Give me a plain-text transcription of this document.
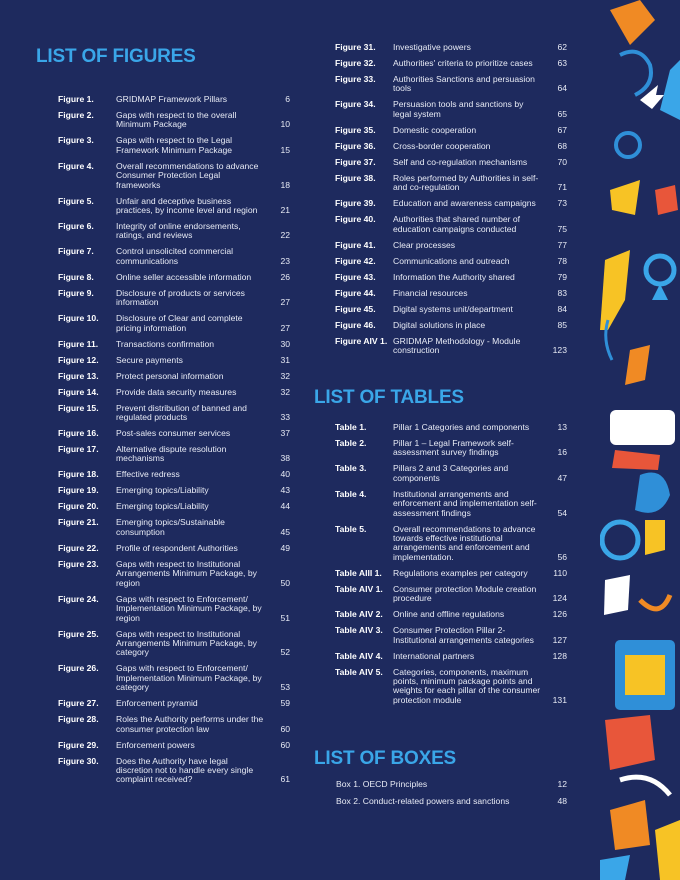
LIST OF FIGURES
Figure 1.	GRIDMAP Framework Pillars	6
Figure 2.	Gaps with respect to the overall Minimum Package	10
Figure 3.	Gaps with respect to the Legal Framework Minimum Package	15
Figure 4.	Overall recommendations to advance Consumer Protection Legal frameworks	18
Figure 5.	Unfair and deceptive business practices, by income level and region	21
Figure 6.	Integrity of online endorsements, ratings, and reviews	22
Figure 7.	Control unsolicited commercial communications	23
Figure 8.	Online seller accessible information	26
Figure 9.	Disclosure of products or services information	27
Figure 10.	Disclosure of Clear and complete pricing information	27
Figure 11.	Transactions confirmation	30
Figure 12.	Secure payments	31
Figure 13.	Protect personal information	32
Figure 14.	Provide data security measures	32
Figure 15.	Prevent distribution of banned and regulated products	33
Figure 16.	Post-sales consumer services	37
Figure 17.	Alternative dispute resolution mechanisms	38
Figure 18.	Effective redress	40
Figure 19.	Emerging topics/Liability	43
Figure 20.	Emerging topics/Liability	44
Figure 21.	Emerging topics/Sustainable consumption	45
Figure 22.	Profile of respondent Authorities	49
Figure 23.	Gaps with respect to Institutional Arrangements Minimum Package, by region	50
Figure 24.	Gaps with respect to Enforcement/ Implementation Minimum Package, by region	51
Figure 25.	Gaps with respect to Institutional Arrangements Minimum Package, by category	52
Figure 26.	Gaps with respect to Enforcement/ Implementation Minimum Package, by category	53
Figure 27.	Enforcement pyramid	59
Figure 28.	Roles the Authority performs under the consumer protection law	60
Figure 29.	Enforcement powers	60
Figure 30.	Does the Authority have legal discretion not to handle every single complaint received?	61
Figure 31.	Investigative powers	62
Figure 32.	Authorities' criteria to prioritize cases	63
Figure 33.	Authorities Sanctions and persuasion tools	64
Figure 34.	Persuasion tools and sanctions by legal system	65
Figure 35.	Domestic cooperation	67
Figure 36.	Cross-border cooperation	68
Figure 37.	Self and co-regulation mechanisms	70
Figure 38.	Roles performed by Authorities in self- and co-regulation	71
Figure 39.	Education and awareness campaigns	73
Figure 40.	Authorities that shared number of education campaigns conducted	75
Figure 41.	Clear processes	77
Figure 42.	Communications and outreach	78
Figure 43.	Information the Authority shared	79
Figure 44.	Financial resources	83
Figure 45.	Digital systems unit/department	84
Figure 46.	Digital solutions in place	85
Figure AIV 1. GRIDMAP Methodology - Module construction	123
LIST OF TABLES
Table 1.	Pillar 1 Categories and components	13
Table 2.	Pillar 1 – Legal Framework self-assessment survey findings	16
Table 3.	Pillars 2 and 3 Categories and components	47
Table 4.	Institutional arrangements and enforcement and implementation self-assessment findings	54
Table 5.	Overall recommendations to advance towards effective institutional arrangements and enforcement and implementation.	56
Table AIII 1.	Regulations examples per category	110
Table AIV 1.	Consumer protection Module creation procedure	124
Table AIV 2.	Online and offline regulations	126
Table AIV 3.	Consumer Protection Pillar 2- Institutional arrangements categories	127
Table AIV 4.	International partners	128
Table AIV 5.	Categories, components, maximum points, minimum package points and weights for each pillar of the consumer protection module	131
LIST OF BOXES
Box 1. OECD Principles	12
Box 2. Conduct-related powers and sanctions	48
